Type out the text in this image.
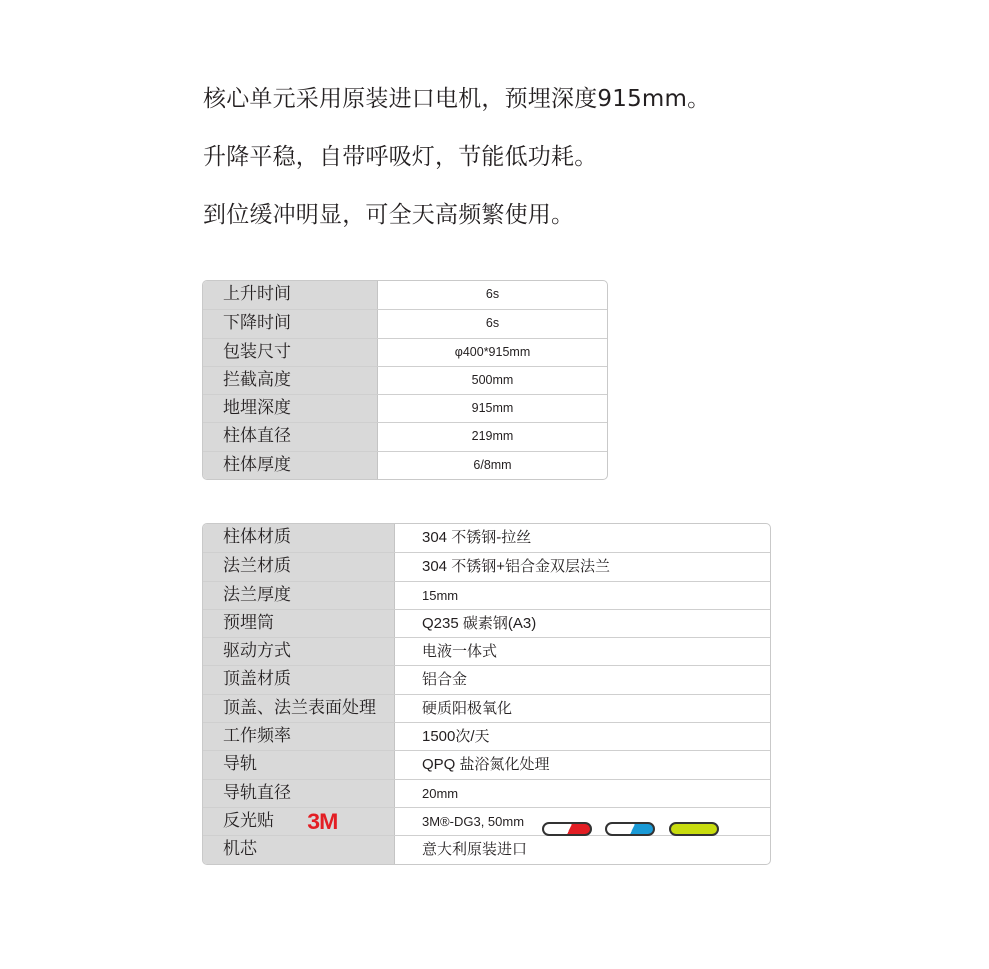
核心单元采用原装进口电机，预埋深度915mm。

升降平稳，自带呼吸灯，节能低功耗。

到位缓冲明显，可全天高频繁使用。

上升时间	6s
下降时间	6s
包装尺寸	φ400*915mm
拦截高度	500mm
地埋深度	915mm
柱体直径	219mm
柱体厚度	6/8mm
柱体材质	304 不锈钢-拉丝
法兰材质	304 不锈钢+铝合金双层法兰
法兰厚度	15mm
预埋筒	Q235 碳素钢(A3)
驱动方式	电液一体式
顶盖材质	铝合金
顶盖、法兰表面处理	硬质阳极氧化
工作频率	1500次/天
导轨	QPQ 盐浴氮化处理
导轨直径	20mm
反光贴 3M	3M®-DG3, 50mm
机芯	意大利原装进口
